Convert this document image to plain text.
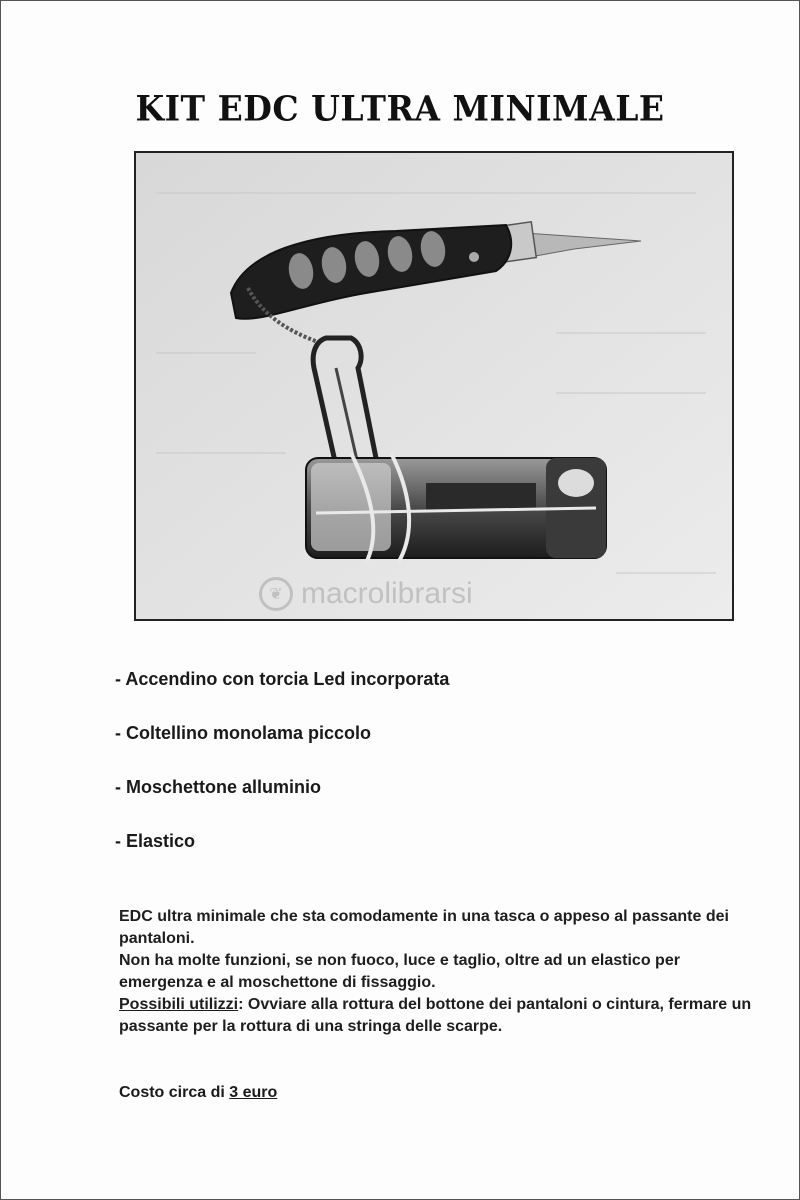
KIT EDC ULTRA MINIMALE
❦ macrolibrarsi
- Accendino con torcia Led incorporata
- Coltellino monolama piccolo
- Moschettone alluminio
- Elastico

EDC ultra minimale che sta comodamente in una tasca o appeso al passante dei pantaloni.

Non ha molte funzioni, se non fuoco, luce e taglio, oltre ad un elastico per emergenza e al moschettone di fissaggio.

Possibili utilizzi: Ovviare alla rottura del bottone dei pantaloni o cintura, fermare un passante per la rottura di una stringa delle scarpe.

Costo circa di 3 euro
